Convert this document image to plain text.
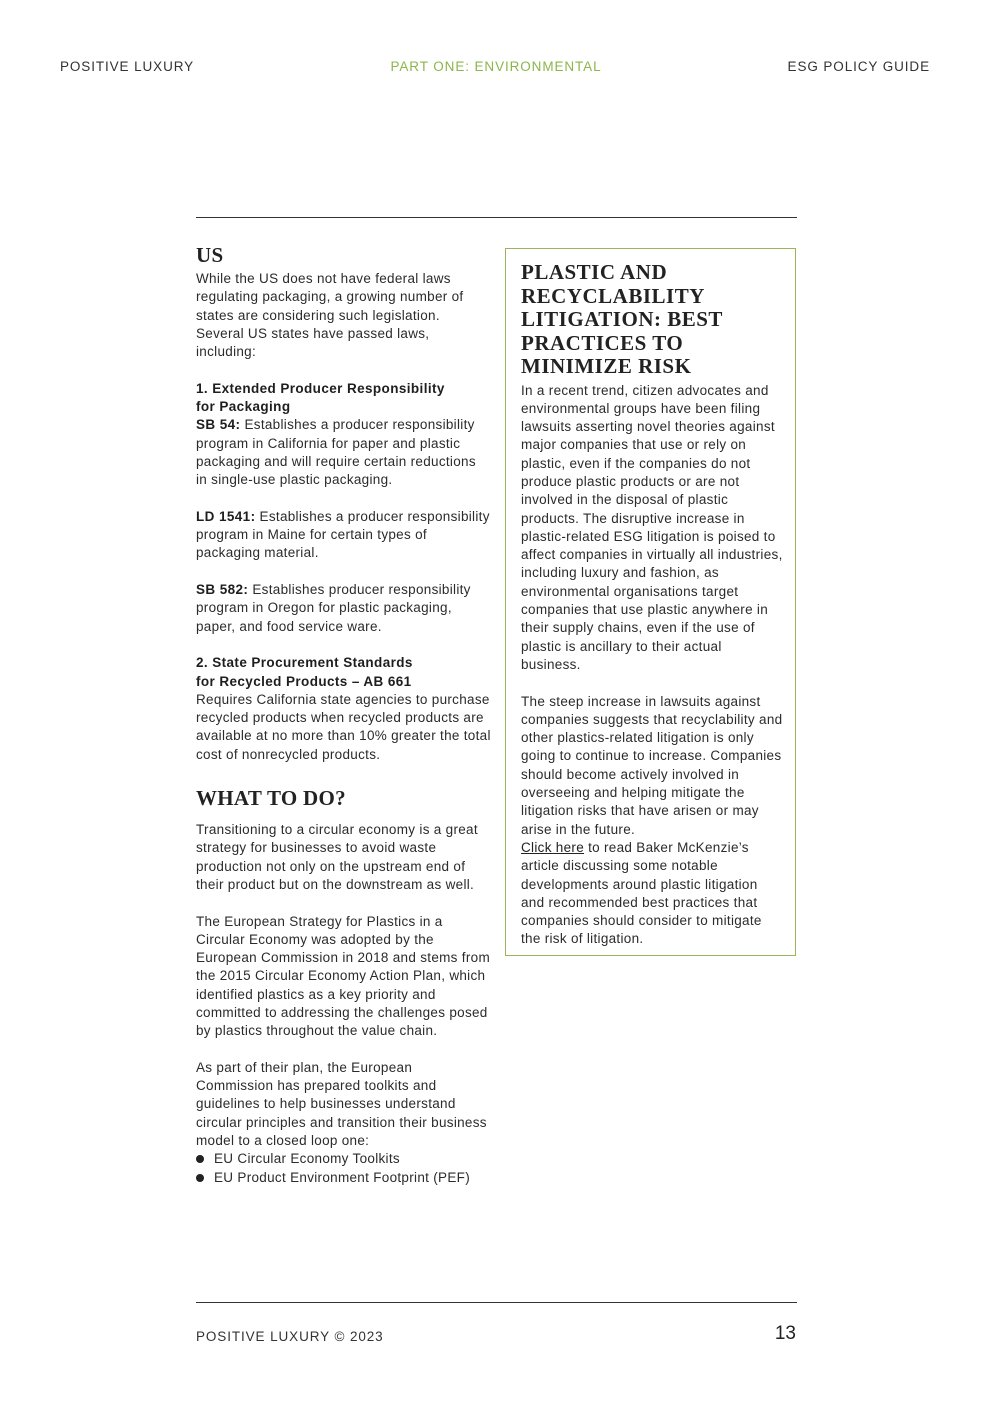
POSITIVE LUXURY	PART ONE: ENVIRONMENTAL	ESG POLICY GUIDE
US

While the US does not have federal laws regulating packaging, a growing number of states are considering such legislation. Several US states have passed laws, including:

1. Extended Producer Responsibility
for Packaging

SB 54: Establishes a producer responsibility program in California for paper and plastic packaging and will require certain reductions in single-use plastic packaging.

LD 1541: Establishes a producer responsibility program in Maine for certain types of packaging material.

SB 582: Establishes producer responsibility program in Oregon for plastic packaging, paper, and food service ware.

2. State Procurement Standards
for Recycled Products – AB 661

Requires California state agencies to purchase recycled products when recycled products are available at no more than 10% greater the total cost of nonrecycled products.

WHAT TO DO?

Transitioning to a circular economy is a great strategy for businesses to avoid waste production not only on the upstream end of their product but on the downstream as well.

The European Strategy for Plastics in a Circular Economy was adopted by the European Commission in 2018 and stems from the 2015 Circular Economy Action Plan, which identified plastics as a key priority and committed to addressing the challenges posed by plastics throughout the value chain.

As part of their plan, the European Commission has prepared toolkits and guidelines to help businesses understand circular principles and transition their business model to a closed loop one:

EU Circular Economy Toolkits
EU Product Environment Footprint (PEF)
PLASTIC AND RECYCLABILITY LITIGATION: BEST PRACTICES TO MINIMIZE RISK

In a recent trend, citizen advocates and environmental groups have been filing lawsuits asserting novel theories against major companies that use or rely on plastic, even if the companies do not produce plastic products or are not involved in the disposal of plastic products. The disruptive increase in plastic-related ESG litigation is poised to affect companies in virtually all industries, including luxury and fashion, as environmental organisations target companies that use plastic anywhere in their supply chains, even if the use of plastic is ancillary to their actual business.

The steep increase in lawsuits against companies suggests that recyclability and other plastics-related litigation is only going to continue to increase. Companies should become actively involved in overseeing and helping mitigate the litigation risks that have arisen or may arise in the future.

Click here to read Baker McKenzie’s article discussing some notable developments around plastic litigation and recommended best practices that companies should consider to mitigate the risk of litigation.

POSITIVE LUXURY © 2023	13
